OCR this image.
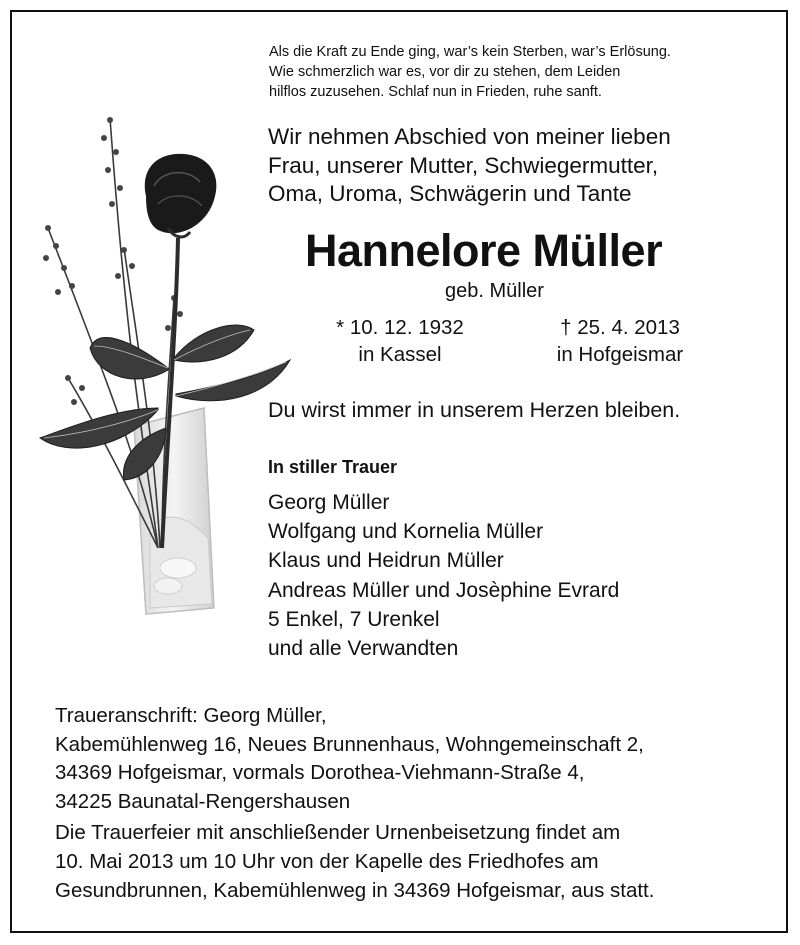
Als die Kraft zu Ende ging, war’s kein Sterben, war’s Erlösung.
Wie schmerzlich war es, vor dir zu stehen, dem Leiden
hilflos zuzusehen. Schlaf nun in Frieden, ruhe sanft.
Wir nehmen Abschied von meiner lieben
Frau, unserer Mutter, Schwiegermutter,
Oma, Uroma, Schwägerin und Tante
Hannelore Müller
geb. Müller
* 10. 12. 1932
in Kassel
† 25. 4. 2013
in Hofgeismar
Du wirst immer in unserem Herzen bleiben.
In stiller Trauer
Georg Müller
Wolfgang und Kornelia Müller
Klaus und Heidrun Müller
Andreas Müller und Josèphine Evrard
5 Enkel, 7 Urenkel
und alle Verwandten
Traueranschrift: Georg Müller,
Kabemühlenweg 16, Neues Brunnenhaus, Wohngemeinschaft 2,
34369 Hofgeismar, vormals Dorothea-Viehmann-Straße 4,
34225 Baunatal-Rengershausen
Die Trauerfeier mit anschließender Urnenbeisetzung findet am
10. Mai 2013 um 10 Uhr von der Kapelle des Friedhofes am
Gesundbrunnen, Kabemühlenweg in 34369 Hofgeismar, aus statt.
